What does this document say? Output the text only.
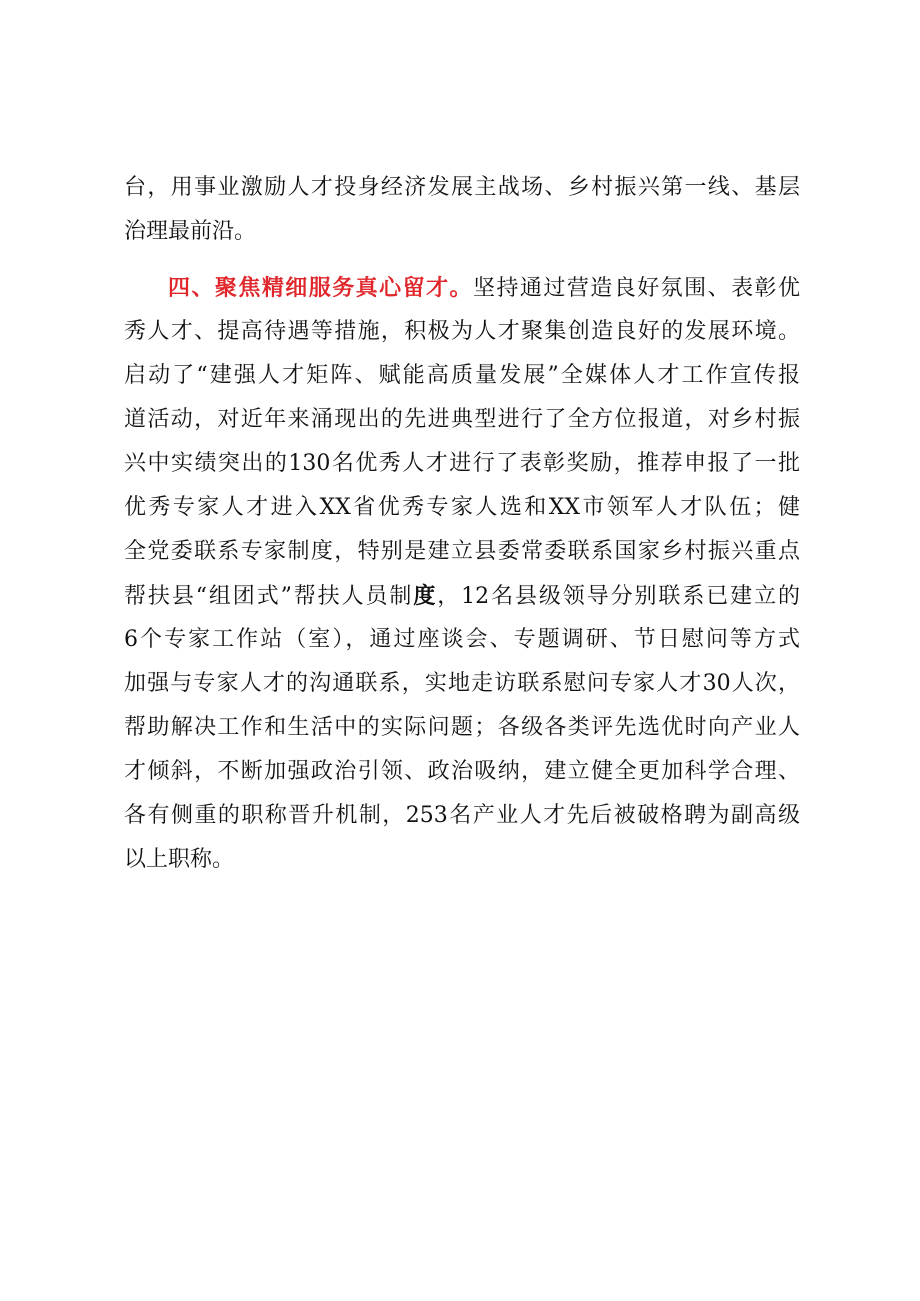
台，用事业激励人才投身经济发展主战场、乡村振兴第一线、基层
治理最前沿。
四、聚焦精细服务真心留才。坚持通过营造良好氛围、表彰优
秀人才、提高待遇等措施，积极为人才聚集创造良好的发展环境。
启动了“建强人才矩阵、赋能高质量发展”全媒体人才工作宣传报
道活动，对近年来涌现出的先进典型进行了全方位报道，对乡村振
兴中实绩突出的130名优秀人才进行了表彰奖励，推荐申报了一批
优秀专家人才进入XX省优秀专家人选和XX市领军人才队伍；健
全党委联系专家制度，特别是建立县委常委联系国家乡村振兴重点
帮扶县“组团式”帮扶人员制度，12名县级领导分别联系已建立的
6个专家工作站（室），通过座谈会、专题调研、节日慰问等方式
加强与专家人才的沟通联系，实地走访联系慰问专家人才30人次，
帮助解决工作和生活中的实际问题；各级各类评先选优时向产业人
才倾斜，不断加强政治引领、政治吸纳，建立健全更加科学合理、
各有侧重的职称晋升机制，253名产业人才先后被破格聘为副高级
以上职称。
